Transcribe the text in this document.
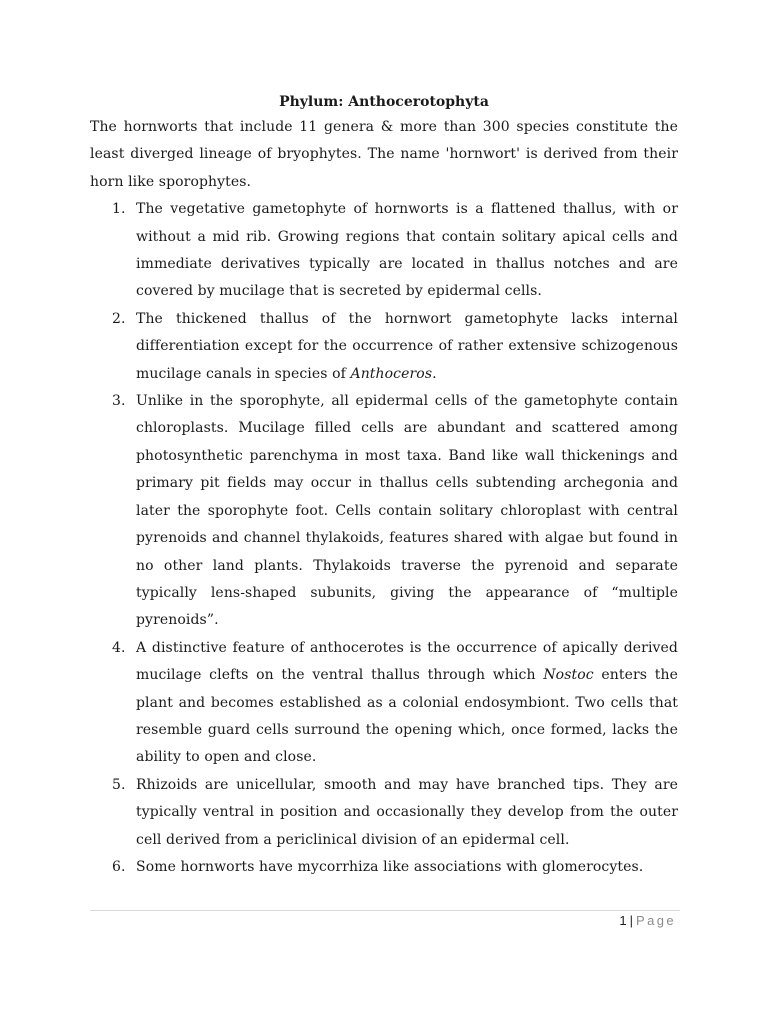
Phylum: Anthocerotophyta

The hornworts that include 11 genera & more than 300 species constitute the least diverged lineage of bryophytes. The name 'hornwort' is derived from their horn like sporophytes.

1. The vegetative gametophyte of hornworts is a flattened thallus, with or without a mid rib. Growing regions that contain solitary apical cells and immediate derivatives typically are located in thallus notches and are covered by mucilage that is secreted by epidermal cells.
2. The thickened thallus of the hornwort gametophyte lacks internal differentiation except for the occurrence of rather extensive schizogenous mucilage canals in species of Anthoceros.
3. Unlike in the sporophyte, all epidermal cells of the gametophyte contain chloroplasts. Mucilage filled cells are abundant and scattered among photosynthetic parenchyma in most taxa. Band like wall thickenings and primary pit fields may occur in thallus cells subtending archegonia and later the sporophyte foot. Cells contain solitary chloroplast with central pyrenoids and channel thylakoids, features shared with algae but found in no other land plants. Thylakoids traverse the pyrenoid and separate typically lens-shaped subunits, giving the appearance of “multiple pyrenoids”.
4. A distinctive feature of anthocerotes is the occurrence of apically derived mucilage clefts on the ventral thallus through which Nostoc enters the plant and becomes established as a colonial endosymbiont. Two cells that resemble guard cells surround the opening which, once formed, lacks the ability to open and close.
5. Rhizoids are unicellular, smooth and may have branched tips. They are typically ventral in position and occasionally they develop from the outer cell derived from a periclinical division of an epidermal cell.
6. Some hornworts have mycorrhiza like associations with glomerocytes.
1 | Page
